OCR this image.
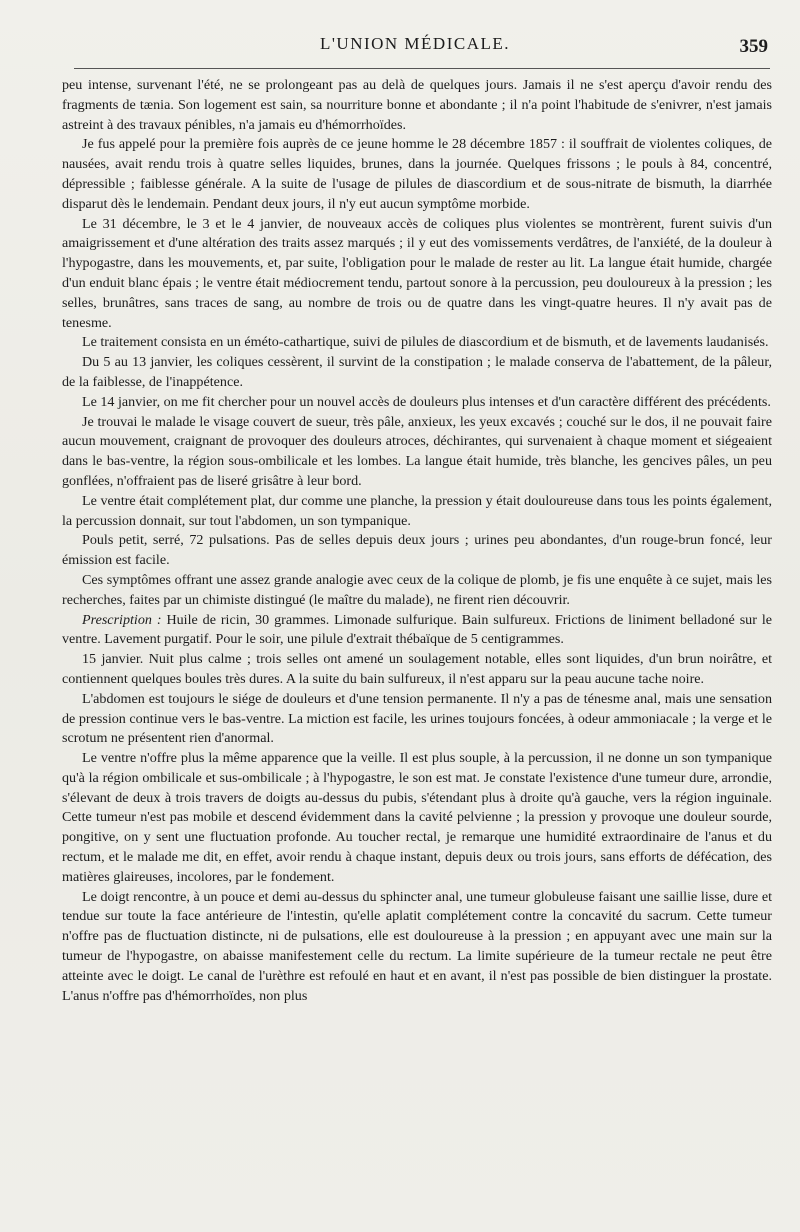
L'UNION MÉDICALE.	359

peu intense, survenant l'été, ne se prolongeant pas au delà de quelques jours. Jamais il ne s'est aperçu d'avoir rendu des fragments de tænia. Son logement est sain, sa nourriture bonne et abondante ; il n'a point l'habitude de s'enivrer, n'est jamais astreint à des travaux pénibles, n'a jamais eu d'hémorrhoïdes.

Je fus appelé pour la première fois auprès de ce jeune homme le 28 décembre 1857 : il souffrait de violentes coliques, de nausées, avait rendu trois à quatre selles liquides, brunes, dans la journée. Quelques frissons ; le pouls à 84, concentré, dépressible ; faiblesse générale. A la suite de l'usage de pilules de diascordium et de sous-nitrate de bismuth, la diarrhée disparut dès le lendemain. Pendant deux jours, il n'y eut aucun symptôme morbide.

Le 31 décembre, le 3 et le 4 janvier, de nouveaux accès de coliques plus violentes se montrèrent, furent suivis d'un amaigrissement et d'une altération des traits assez marqués ; il y eut des vomissements verdâtres, de l'anxiété, de la douleur à l'hypogastre, dans les mouvements, et, par suite, l'obligation pour le malade de rester au lit. La langue était humide, chargée d'un enduit blanc épais ; le ventre était médiocrement tendu, partout sonore à la percussion, peu douloureux à la pression ; les selles, brunâtres, sans traces de sang, au nombre de trois ou de quatre dans les vingt-quatre heures. Il n'y avait pas de tenesme.

Le traitement consista en un éméto-cathartique, suivi de pilules de diascordium et de bismuth, et de lavements laudanisés.

Du 5 au 13 janvier, les coliques cessèrent, il survint de la constipation ; le malade conserva de l'abattement, de la pâleur, de la faiblesse, de l'inappétence.

Le 14 janvier, on me fit chercher pour un nouvel accès de douleurs plus intenses et d'un caractère différent des précédents.

Je trouvai le malade le visage couvert de sueur, très pâle, anxieux, les yeux excavés ; couché sur le dos, il ne pouvait faire aucun mouvement, craignant de provoquer des douleurs atroces, déchirantes, qui survenaient à chaque moment et siégeaient dans le bas-ventre, la région sous-ombilicale et les lombes. La langue était humide, très blanche, les gencives pâles, un peu gonflées, n'offraient pas de liseré grisâtre à leur bord.

Le ventre était complétement plat, dur comme une planche, la pression y était douloureuse dans tous les points également, la percussion donnait, sur tout l'abdomen, un son tympanique.

Pouls petit, serré, 72 pulsations. Pas de selles depuis deux jours ; urines peu abondantes, d'un rouge-brun foncé, leur émission est facile.

Ces symptômes offrant une assez grande analogie avec ceux de la colique de plomb, je fis une enquête à ce sujet, mais les recherches, faites par un chimiste distingué (le maître du malade), ne firent rien découvrir.

Prescription : Huile de ricin, 30 grammes. Limonade sulfurique. Bain sulfureux. Frictions de liniment belladoné sur le ventre. Lavement purgatif. Pour le soir, une pilule d'extrait thébaïque de 5 centigrammes.

15 janvier. Nuit plus calme ; trois selles ont amené un soulagement notable, elles sont liquides, d'un brun noirâtre, et contiennent quelques boules très dures. A la suite du bain sulfureux, il n'est apparu sur la peau aucune tache noire.

L'abdomen est toujours le siége de douleurs et d'une tension permanente. Il n'y a pas de ténesme anal, mais une sensation de pression continue vers le bas-ventre. La miction est facile, les urines toujours foncées, à odeur ammoniacale ; la verge et le scrotum ne présentent rien d'anormal.

Le ventre n'offre plus la même apparence que la veille. Il est plus souple, à la percussion, il ne donne un son tympanique qu'à la région ombilicale et sus-ombilicale ; à l'hypogastre, le son est mat. Je constate l'existence d'une tumeur dure, arrondie, s'élevant de deux à trois travers de doigts au-dessus du pubis, s'étendant plus à droite qu'à gauche, vers la région inguinale. Cette tumeur n'est pas mobile et descend évidemment dans la cavité pelvienne ; la pression y provoque une douleur sourde, pongitive, on y sent une fluctuation profonde. Au toucher rectal, je remarque une humidité extraordinaire de l'anus et du rectum, et le malade me dit, en effet, avoir rendu à chaque instant, depuis deux ou trois jours, sans efforts de défécation, des matières glaireuses, incolores, par le fondement.

Le doigt rencontre, à un pouce et demi au-dessus du sphincter anal, une tumeur globuleuse faisant une saillie lisse, dure et tendue sur toute la face antérieure de l'intestin, qu'elle aplatit complétement contre la concavité du sacrum. Cette tumeur n'offre pas de fluctuation distincte, ni de pulsations, elle est douloureuse à la pression ; en appuyant avec une main sur la tumeur de l'hypogastre, on abaisse manifestement celle du rectum. La limite supérieure de la tumeur rectale ne peut être atteinte avec le doigt. Le canal de l'urèthre est refoulé en haut et en avant, il n'est pas possible de bien distinguer la prostate. L'anus n'offre pas d'hémorrhoïdes, non plus
